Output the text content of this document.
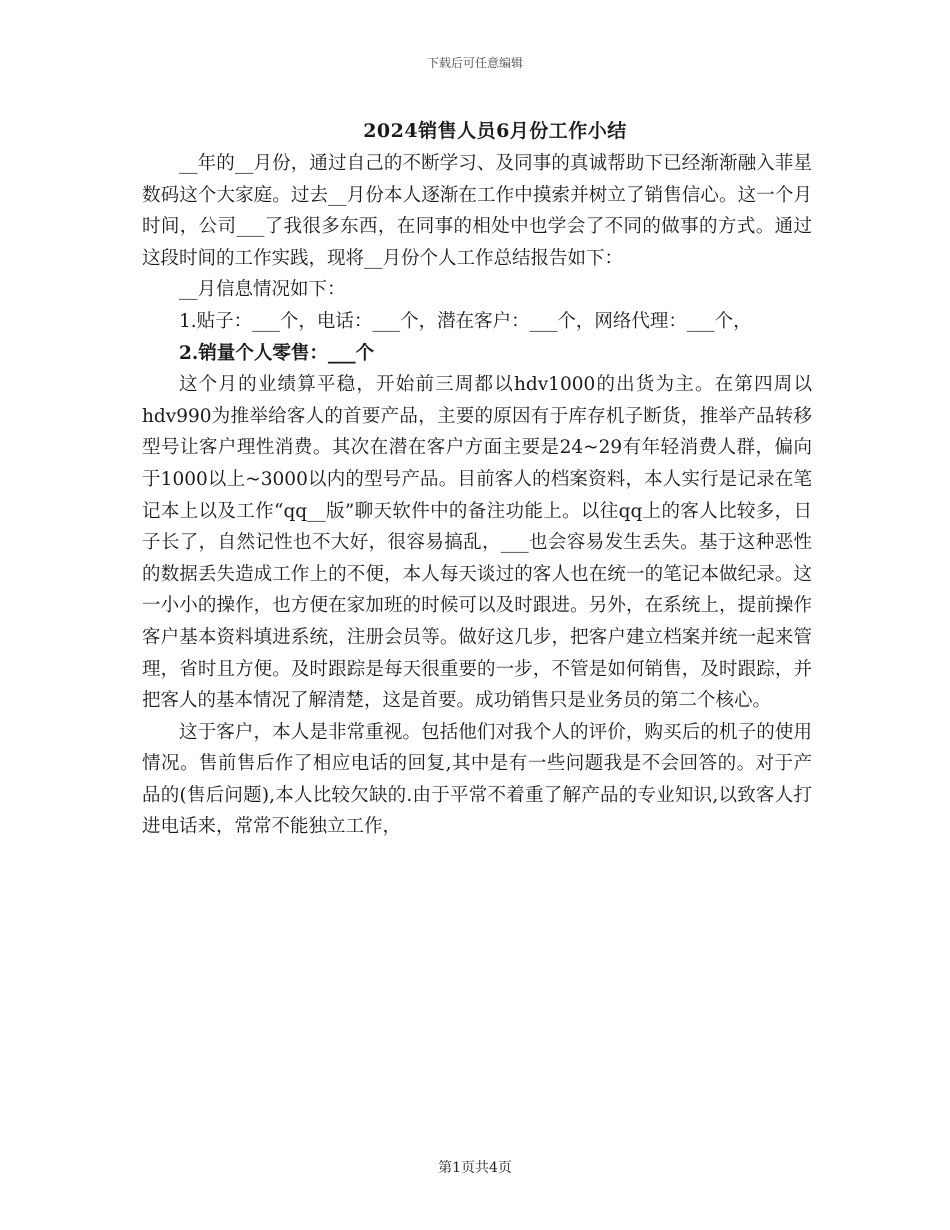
下载后可任意编辑
2024销售人员6月份工作小结

__年的__月份，通过自己的不断学习、及同事的真诚帮助下已经渐渐融入菲星数码这个大家庭。过去__月份本人逐渐在工作中摸索并树立了销售信心。这一个月时间，公司___了我很多东西，在同事的相处中也学会了不同的做事的方式。通过这段时间的工作实践，现将__月份个人工作总结报告如下：

__月信息情况如下：

1.贴子：___个，电话：___个，潜在客户：___个，网络代理：___个，

2.销量个人零售：___个

这个月的业绩算平稳，开始前三周都以hdv1000的出货为主。在第四周以hdv990为推举给客人的首要产品，主要的原因有于库存机子断货，推举产品转移型号让客户理性消费。其次在潜在客户方面主要是24~29有年轻消费人群，偏向于1000以上~3000以内的型号产品。目前客人的档案资料，本人实行是记录在笔记本上以及工作“qq__版”聊天软件中的备注功能上。以往qq上的客人比较多，日子长了，自然记性也不大好，很容易搞乱，___也会容易发生丢失。基于这种恶性的数据丢失造成工作上的不便，本人每天谈过的客人也在统一的笔记本做纪录。这一小小的操作，也方便在家加班的时候可以及时跟进。另外，在系统上，提前操作客户基本资料填进系统，注册会员等。做好这几步，把客户建立档案并统一起来管理，省时且方便。及时跟踪是每天很重要的一步，不管是如何销售，及时跟踪，并把客人的基本情况了解清楚，这是首要。成功销售只是业务员的第二个核心。

这于客户，本人是非常重视。包括他们对我个人的评价，购买后的机子的使用情况。售前售后作了相应电话的回复,其中是有一些问题我是不会回答的。对于产品的(售后问题),本人比较欠缺的.由于平常不着重了解产品的专业知识,以致客人打进电话来，常常不能独立工作，

第1页共4页
